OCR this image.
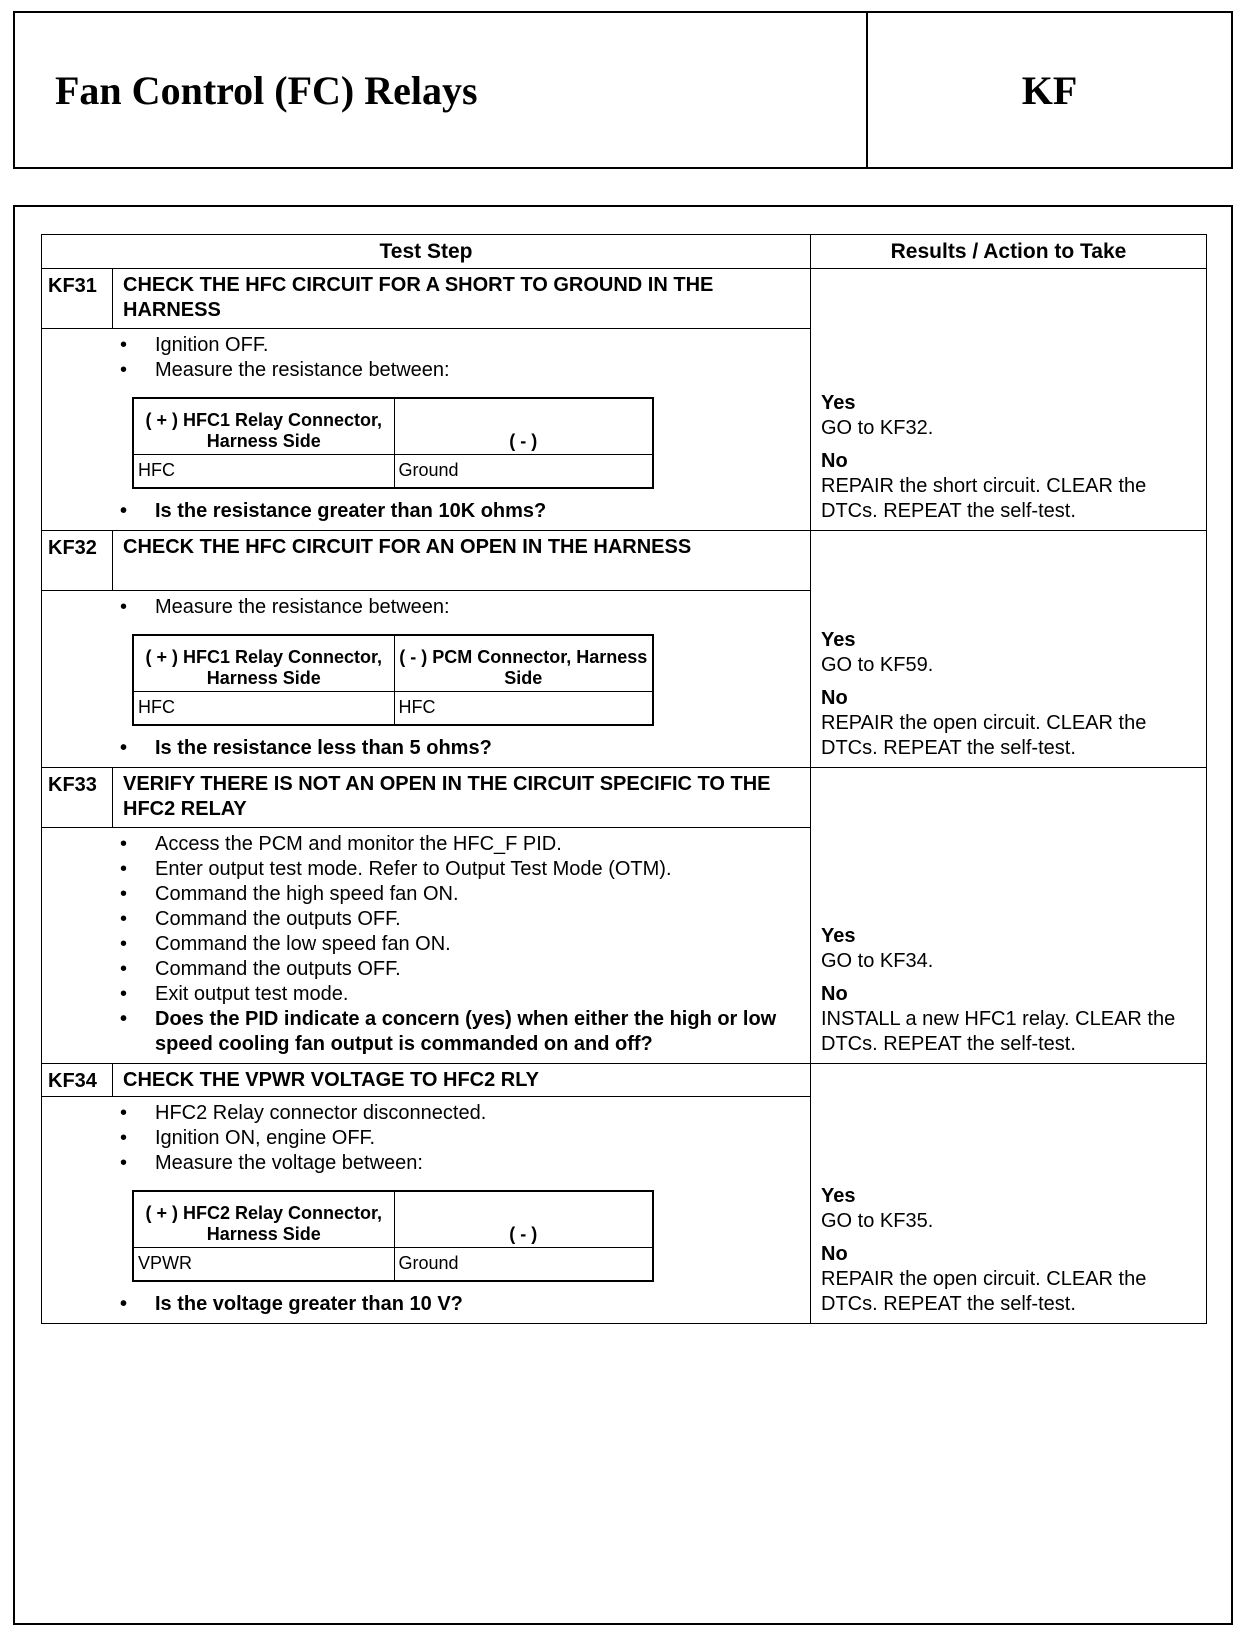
Fan Control (FC) Relays	KF
Test Step	Results / Action to Take
KF31	CHECK THE HFC CIRCUIT FOR A SHORT TO GROUND IN THE HARNESS
• Ignition OFF.
• Measure the resistance between:
( + ) HFC1 Relay Connector, Harness Side	( - )
HFC	Ground
• Is the resistance greater than 10K ohms?
Yes
GO to KF32.
No
REPAIR the short circuit. CLEAR the DTCs. REPEAT the self-test.
KF32	CHECK THE HFC CIRCUIT FOR AN OPEN IN THE HARNESS
• Measure the resistance between:
( + ) HFC1 Relay Connector, Harness Side	( - ) PCM Connector, Harness Side
HFC	HFC
• Is the resistance less than 5 ohms?
Yes
GO to KF59.
No
REPAIR the open circuit. CLEAR the DTCs. REPEAT the self-test.
KF33	VERIFY THERE IS NOT AN OPEN IN THE CIRCUIT SPECIFIC TO THE HFC2 RELAY
• Access the PCM and monitor the HFC_F PID.
• Enter output test mode. Refer to Output Test Mode (OTM).
• Command the high speed fan ON.
• Command the outputs OFF.
• Command the low speed fan ON.
• Command the outputs OFF.
• Exit output test mode.
• Does the PID indicate a concern (yes) when either the high or low speed cooling fan output is commanded on and off?
Yes
GO to KF34.
No
INSTALL a new HFC1 relay. CLEAR the DTCs. REPEAT the self-test.
KF34	CHECK THE VPWR VOLTAGE TO HFC2 RLY
• HFC2 Relay connector disconnected.
• Ignition ON, engine OFF.
• Measure the voltage between:
( + ) HFC2 Relay Connector, Harness Side	( - )
VPWR	Ground
• Is the voltage greater than 10 V?
Yes
GO to KF35.
No
REPAIR the open circuit. CLEAR the DTCs. REPEAT the self-test.
